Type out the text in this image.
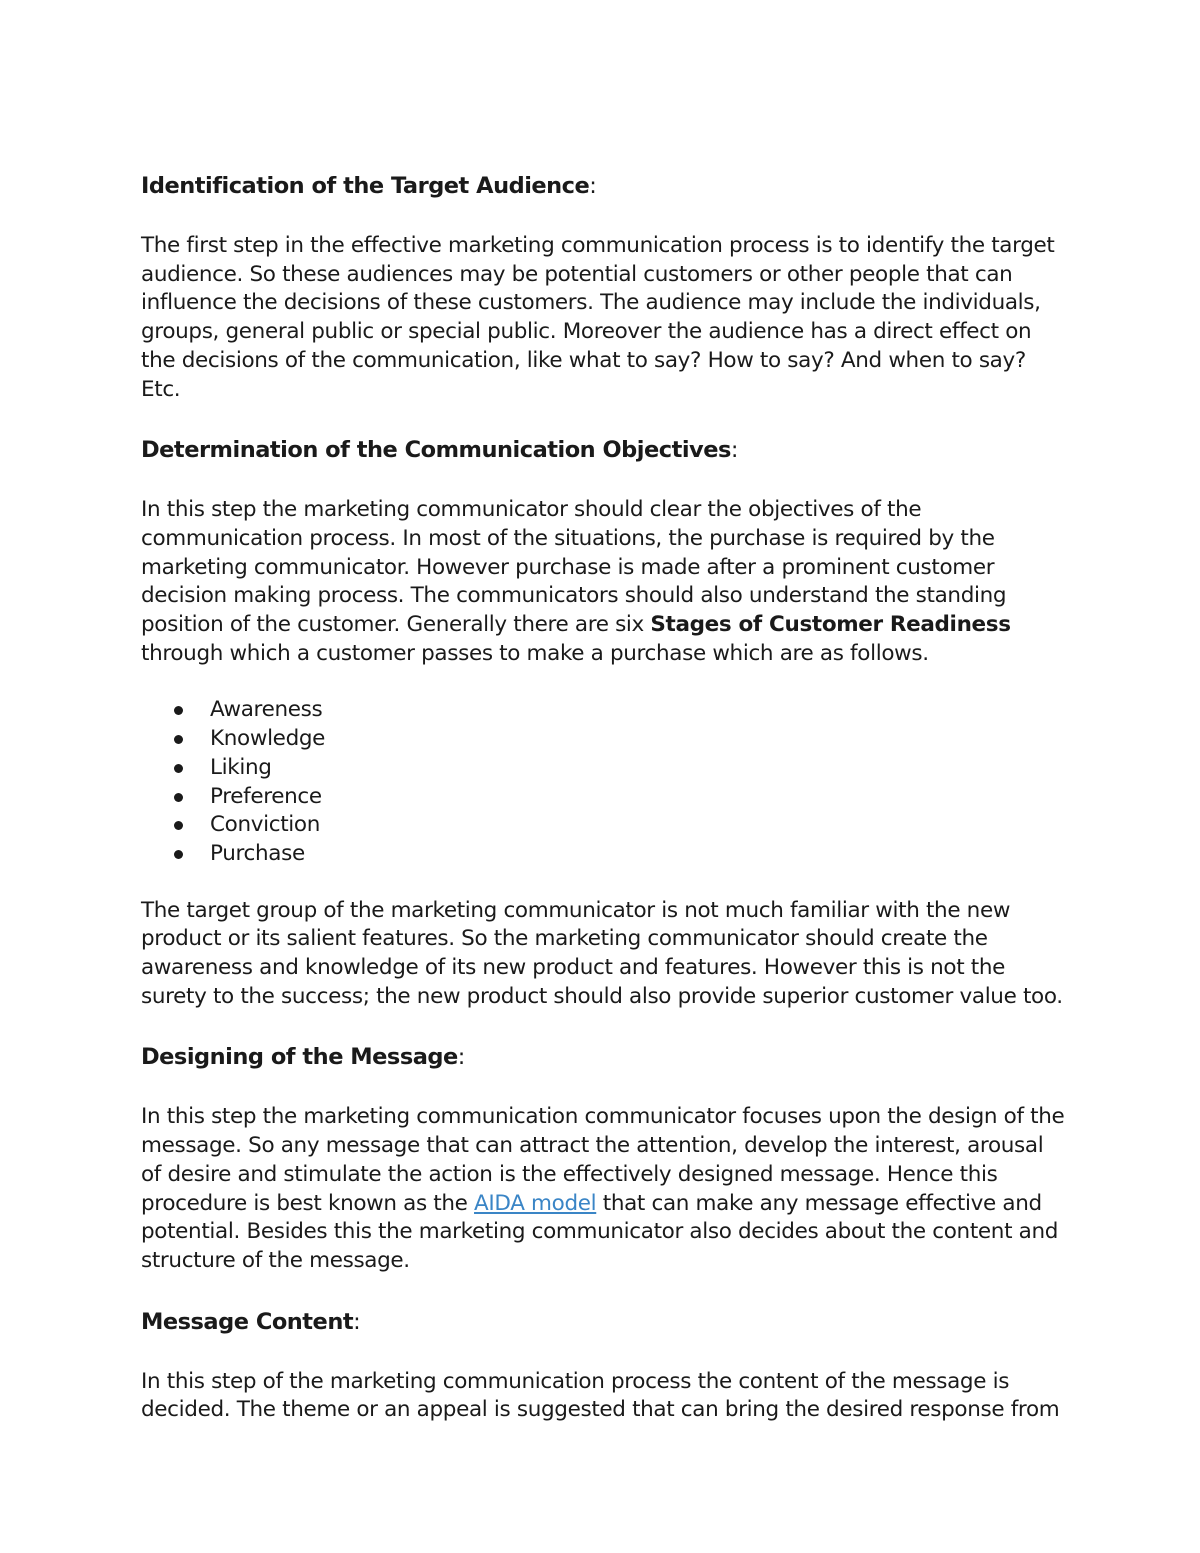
Identification of the Target Audience:

The first step in the effective marketing communication process is to identify the target audience. So these audiences may be potential customers or other people that can influence the decisions of these customers. The audience may include the individuals, groups, general public or special public. Moreover the audience has a direct effect on the decisions of the communication, like what to say? How to say? And when to say? Etc.

Determination of the Communication Objectives:

In this step the marketing communicator should clear the objectives of the communication process. In most of the situations, the purchase is required by the marketing communicator. However purchase is made after a prominent customer decision making process. The communicators should also understand the standing position of the customer. Generally there are six Stages of Customer Readiness through which a customer passes to make a purchase which are as follows.

Awareness
Knowledge
Liking
Preference
Conviction
Purchase

The target group of the marketing communicator is not much familiar with the new product or its salient features. So the marketing communicator should create the awareness and knowledge of its new product and features. However this is not the surety to the success; the new product should also provide superior customer value too.

Designing of the Message:

In this step the marketing communication communicator focuses upon the design of the message. So any message that can attract the attention, develop the interest, arousal of desire and stimulate the action is the effectively designed message. Hence this procedure is best known as the AIDA model that can make any message effective and potential. Besides this the marketing communicator also decides about the content and structure of the message.

Message Content:

In this step of the marketing communication process the content of the message is decided. The theme or an appeal is suggested that can bring the desired response from
